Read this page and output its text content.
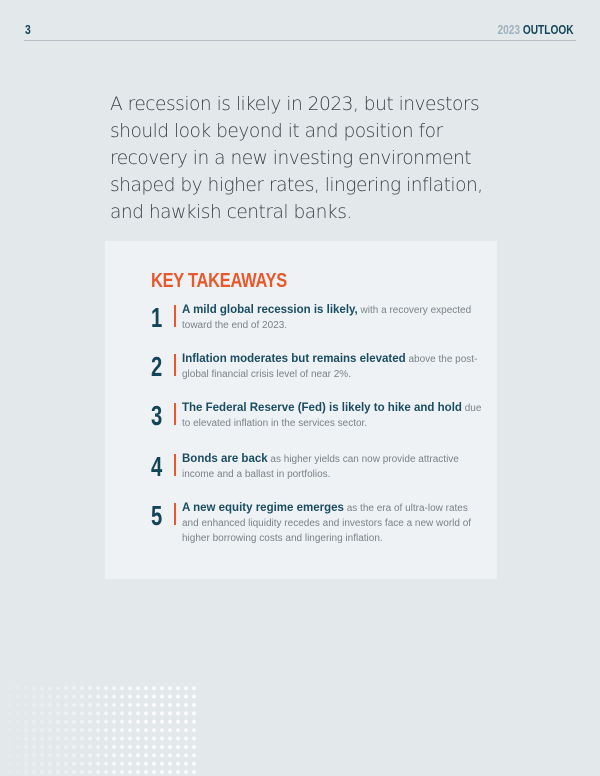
3	2023 OUTLOOK
A recession is likely in 2023, but investors should look beyond it and position for recovery in a new investing environment shaped by higher rates, lingering inflation, and hawkish central banks.
KEY TAKEAWAYS
1 A mild global recession is likely, with a recovery expected toward the end of 2023.
2 Inflation moderates but remains elevated above the post-global financial crisis level of near 2%.
3 The Federal Reserve (Fed) is likely to hike and hold due to elevated inflation in the services sector.
4 Bonds are back as higher yields can now provide attractive income and a ballast in portfolios.
5 A new equity regime emerges as the era of ultra-low rates and enhanced liquidity recedes and investors face a new world of higher borrowing costs and lingering inflation.
